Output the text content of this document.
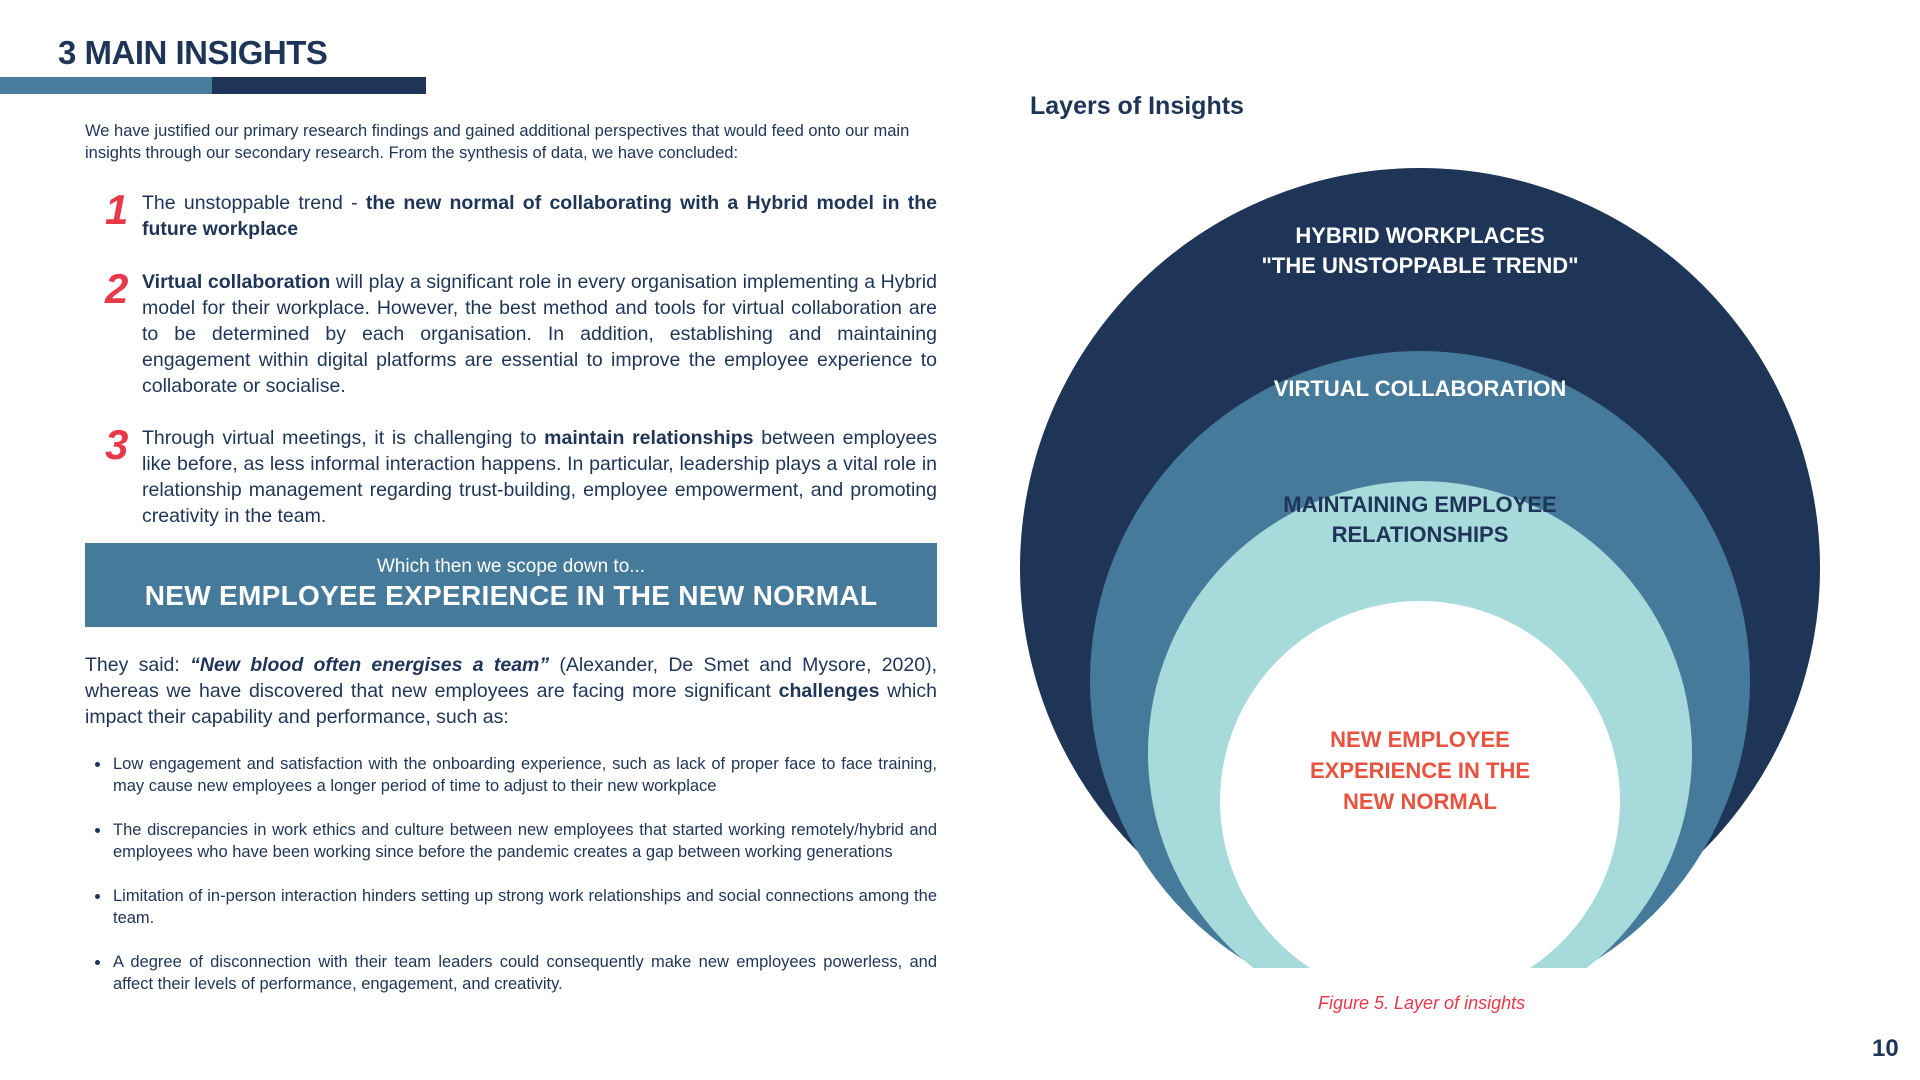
3 MAIN INSIGHTS

We have justified our primary research findings and gained additional perspectives that would feed onto our main insights through our secondary research. From the synthesis of data, we have concluded:

1 The unstoppable trend - the new normal of collaborating with a Hybrid model in the future workplace
2 Virtual collaboration will play a significant role in every organisation implementing a Hybrid model for their workplace. However, the best method and tools for virtual collaboration are to be determined by each organisation. In addition, establishing and maintaining engagement within digital platforms are essential to improve the employee experience to collaborate or socialise.
3 Through virtual meetings, it is challenging to maintain relationships between employees like before, as less informal interaction happens. In particular, leadership plays a vital role in relationship management regarding trust-building, employee empowerment, and promoting creativity in the team.
Which then we scope down to...
NEW EMPLOYEE EXPERIENCE IN THE NEW NORMAL

They said: “New blood often energises a team” (Alexander, De Smet and Mysore, 2020), whereas we have discovered that new employees are facing more significant challenges which impact their capability and performance, such as:

Low engagement and satisfaction with the onboarding experience, such as lack of proper face to face training, may cause new employees a longer period of time to adjust to their new workplace
The discrepancies in work ethics and culture between new employees that started working remotely/hybrid and employees who have been working since before the pandemic creates a gap between working generations
Limitation of in-person interaction hinders setting up strong work relationships and social connections among the team.
A degree of disconnection with their team leaders could consequently make new employees powerless, and affect their levels of performance, engagement, and creativity.
Layers of Insights
HYBRID WORKPLACES
"THE UNSTOPPABLE TREND"
VIRTUAL COLLABORATION
MAINTAINING EMPLOYEE
RELATIONSHIPS
NEW EMPLOYEE
EXPERIENCE IN THE
NEW NORMAL
Figure 5. Layer of insights
10
